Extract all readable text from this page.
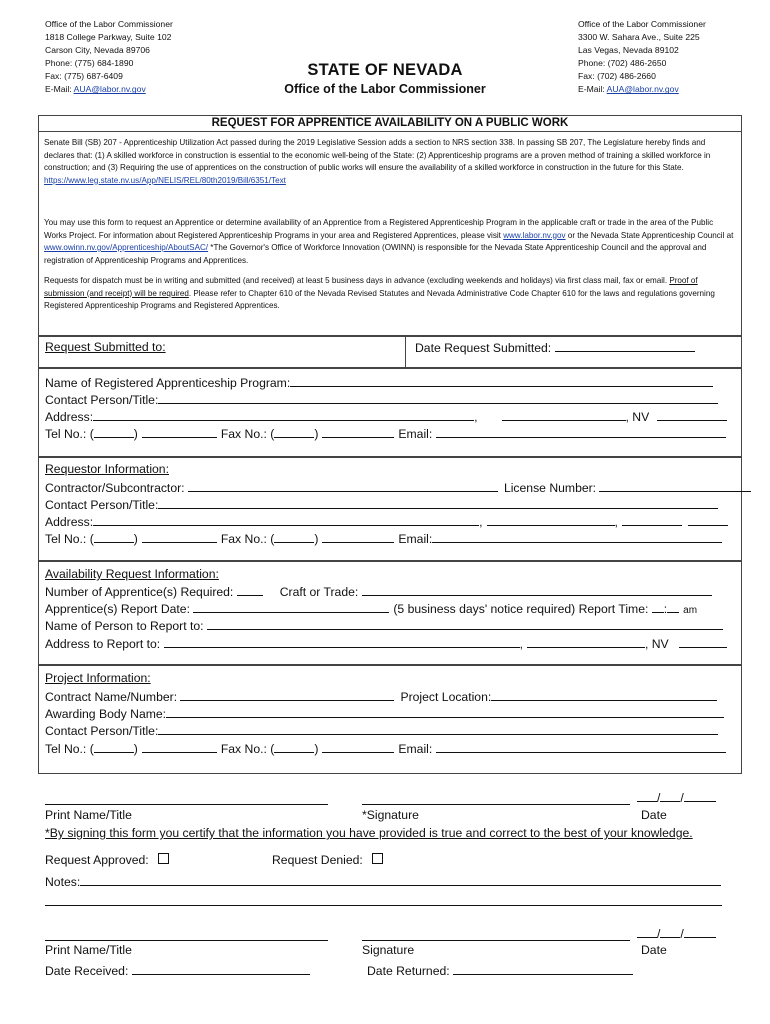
Office of the Labor Commissioner
1818 College Parkway, Suite 102
Carson City, Nevada 89706
Phone: (775) 684-1890
Fax: (775) 687-6409
E-Mail: AUA@labor.nv.gov
Office of the Labor Commissioner
3300 W. Sahara Ave., Suite 225
Las Vegas, Nevada 89102
Phone: (702) 486-2650
Fax: (702) 486-2660
E-Mail: AUA@labor.nv.gov
STATE OF NEVADA
Office of the Labor Commissioner
REQUEST FOR APPRENTICE AVAILABILITY ON A PUBLIC WORK
Senate Bill (SB) 207 - Apprenticeship Utilization Act passed during the 2019 Legislative Session adds a section to NRS section 338. In passing SB 207, The Legislature hereby finds and declares that: (1) A skilled workforce in construction is essential to the economic well-being of the State: (2) Apprenticeship programs are a proven method of training a skilled workforce in construction; and (3) Requiring the use of apprentices on the construction of public works will ensure the availability of a skilled workforce in construction in the future for this State. https://www.leg.state.nv.us/App/NELIS/REL/80th2019/Bill/6351/Text
You may use this form to request an Apprentice or determine availability of an Apprentice from a Registered Apprenticeship Program in the applicable craft or trade in the area of the Public Works Project. For information about Registered Apprenticeship Programs in your area and Registered Apprentices, please visit www.labor.nv.gov or the Nevada State Apprenticeship Council at www.owinn.nv.gov/Apprenticeship/AboutSAC/ *The Governor's Office of Workforce Innovation (OWINN) is responsible for the Nevada State Apprenticeship Council and the approval and registration of Apprenticeship Programs and Apprentices.
Requests for dispatch must be in writing and submitted (and received) at least 5 business days in advance (excluding weekends and holidays) via first class mail, fax or email. Proof of submission (and receipt) will be required. Please refer to Chapter 610 of the Nevada Revised Statutes and Nevada Administrative Code Chapter 610 for the laws and regulations governing Registered Apprenticeship Programs and Registered Apprentices.
Request Submitted to:	Date Request Submitted:
Name of Registered Apprenticeship Program:
Contact Person/Title:
Address:	,	, NV
Tel No.: (	)	Fax No.: (	)	Email:
Requestor Information:
Contractor/Subcontractor:	License Number:
Contact Person/Title:
Address:	,	,
Tel No.: (	)	Fax No.: (	)	Email:
Availability Request Information:
Number of Apprentice(s) Required:	Craft or Trade:
Apprentice(s) Report Date:	(5 business days' notice required) Report Time: : am
Name of Person to Report to:
Address to Report to:	,	, NV
Project Information:
Contract Name/Number:	Project Location:
Awarding Body Name:
Contact Person/Title:
Tel No.: (	)	Fax No.: (	)	Email:
/ /
Print Name/Title	*Signature	Date
*By signing this form you certify that the information you have provided is true and correct to the best of your knowledge.
Request Approved:	Request Denied:
Notes:
/ /
Print Name/Title	Signature	Date
Date Received:	Date Returned:
